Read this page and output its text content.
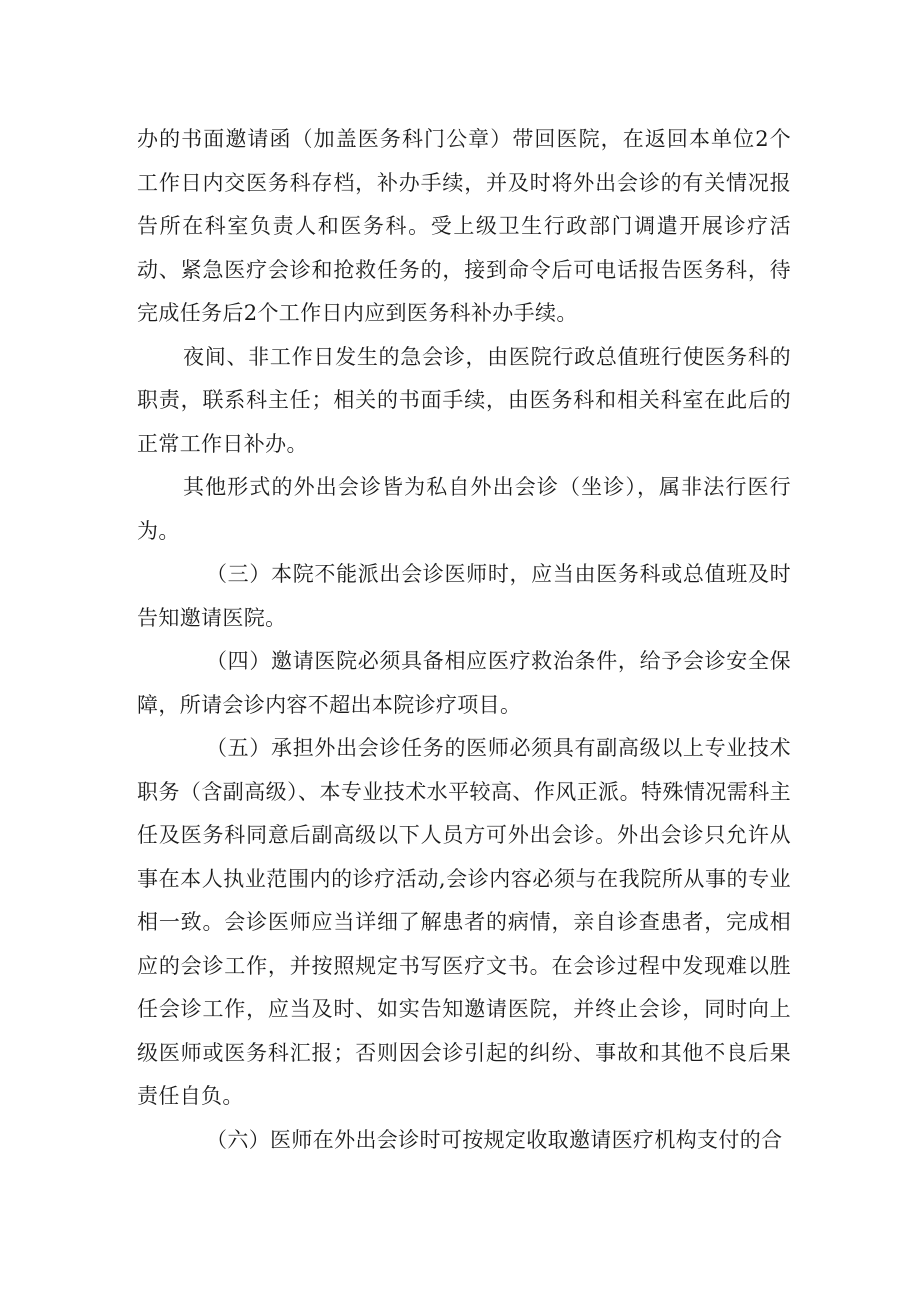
办的书面邀请函（加盖医务科门公章）带回医院，在返回本单位2个工作日内交医务科存档，补办手续，并及时将外出会诊的有关情况报告所在科室负责人和医务科。受上级卫生行政部门调遣开展诊疗活动、紧急医疗会诊和抢救任务的，接到命令后可电话报告医务科，待完成任务后2个工作日内应到医务科补办手续。

夜间、非工作日发生的急会诊，由医院行政总值班行使医务科的职责，联系科主任；相关的书面手续，由医务科和相关科室在此后的正常工作日补办。

其他形式的外出会诊皆为私自外出会诊（坐诊），属非法行医行为。

（三）本院不能派出会诊医师时，应当由医务科或总值班及时告知邀请医院。

（四）邀请医院必须具备相应医疗救治条件，给予会诊安全保障，所请会诊内容不超出本院诊疗项目。

（五）承担外出会诊任务的医师必须具有副高级以上专业技术职务（含副高级）、本专业技术水平较高、作风正派。特殊情况需科主任及医务科同意后副高级以下人员方可外出会诊。外出会诊只允许从事在本人执业范围内的诊疗活动,会诊内容必须与在我院所从事的专业相一致。会诊医师应当详细了解患者的病情，亲自诊查患者，完成相应的会诊工作，并按照规定书写医疗文书。在会诊过程中发现难以胜任会诊工作，应当及时、如实告知邀请医院，并终止会诊，同时向上级医师或医务科汇报；否则因会诊引起的纠纷、事故和其他不良后果责任自负。

（六）医师在外出会诊时可按规定收取邀请医疗机构支付的合
